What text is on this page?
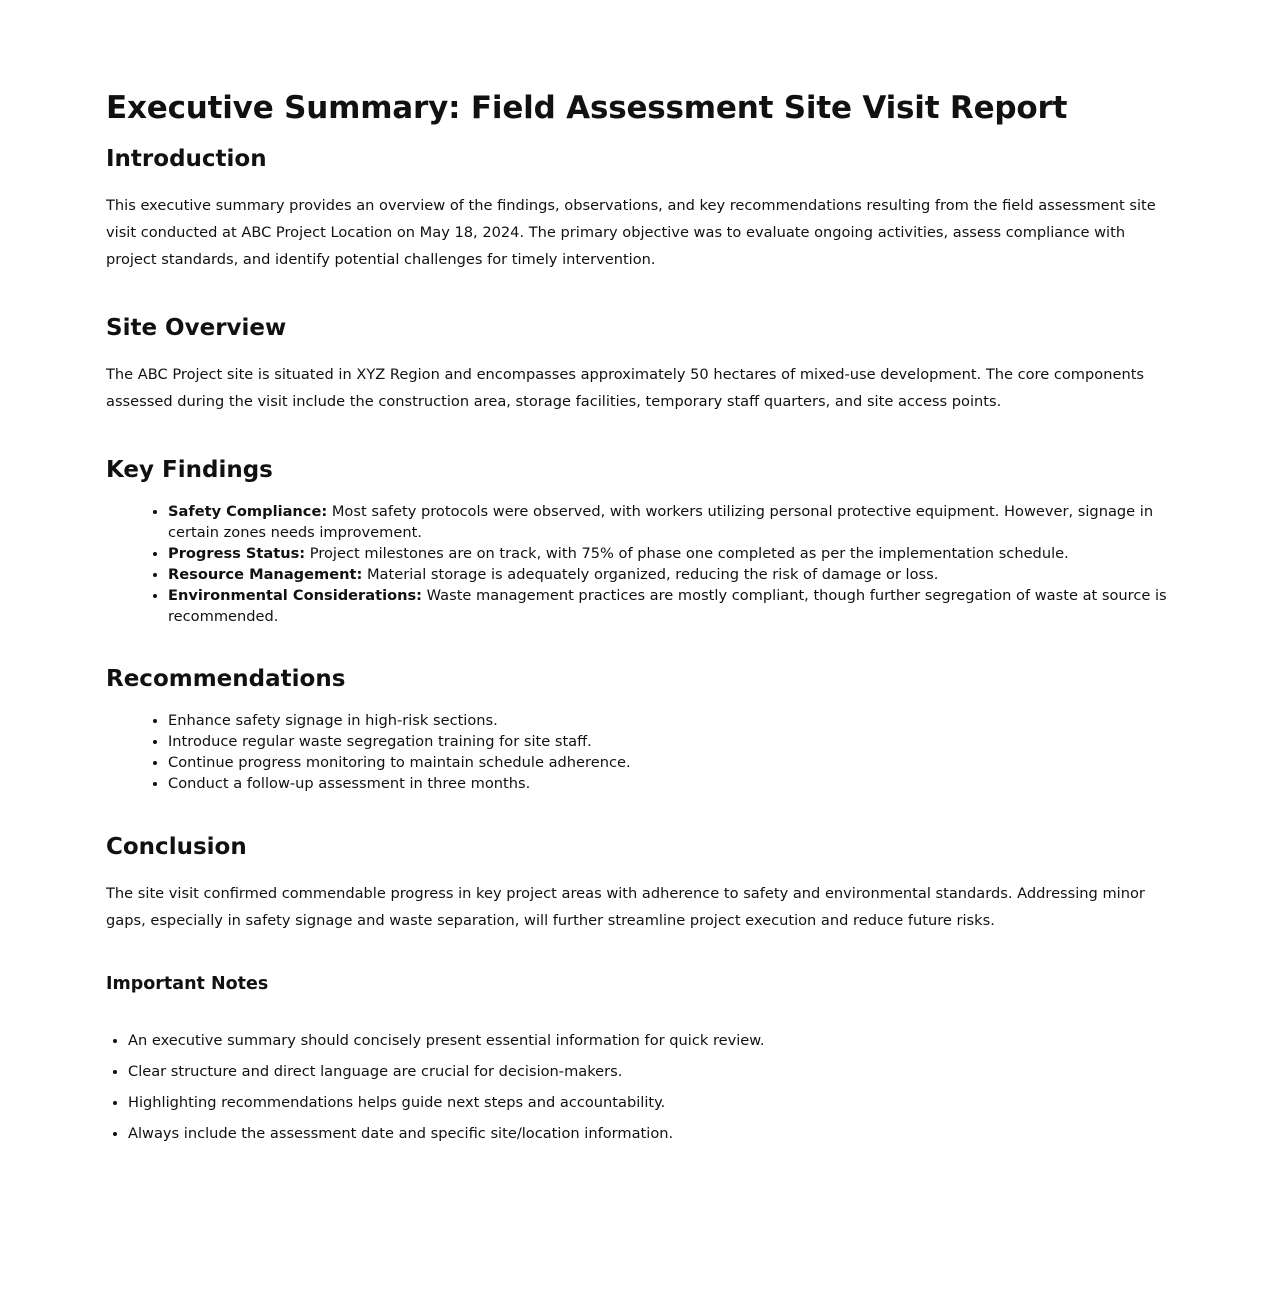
Executive Summary: Field Assessment Site Visit Report
Introduction

This executive summary provides an overview of the findings, observations, and key recommendations resulting from the field assessment site visit conducted at ABC Project Location on May 18, 2024. The primary objective was to evaluate ongoing activities, assess compliance with project standards, and identify potential challenges for timely intervention.

Site Overview

The ABC Project site is situated in XYZ Region and encompasses approximately 50 hectares of mixed-use development. The core components assessed during the visit include the construction area, storage facilities, temporary staff quarters, and site access points.

Key Findings
• Safety Compliance: Most safety protocols were observed, with workers utilizing personal protective equipment. However, signage in certain zones needs improvement.
• Progress Status: Project milestones are on track, with 75% of phase one completed as per the implementation schedule.
• Resource Management: Material storage is adequately organized, reducing the risk of damage or loss.
• Environmental Considerations: Waste management practices are mostly compliant, though further segregation of waste at source is recommended.
Recommendations
• Enhance safety signage in high-risk sections.
• Introduce regular waste segregation training for site staff.
• Continue progress monitoring to maintain schedule adherence.
• Conduct a follow-up assessment in three months.
Conclusion

The site visit confirmed commendable progress in key project areas with adherence to safety and environmental standards. Addressing minor gaps, especially in safety signage and waste separation, will further streamline project execution and reduce future risks.

Important Notes
• An executive summary should concisely present essential information for quick review.
• Clear structure and direct language are crucial for decision-makers.
• Highlighting recommendations helps guide next steps and accountability.
• Always include the assessment date and specific site/location information.
